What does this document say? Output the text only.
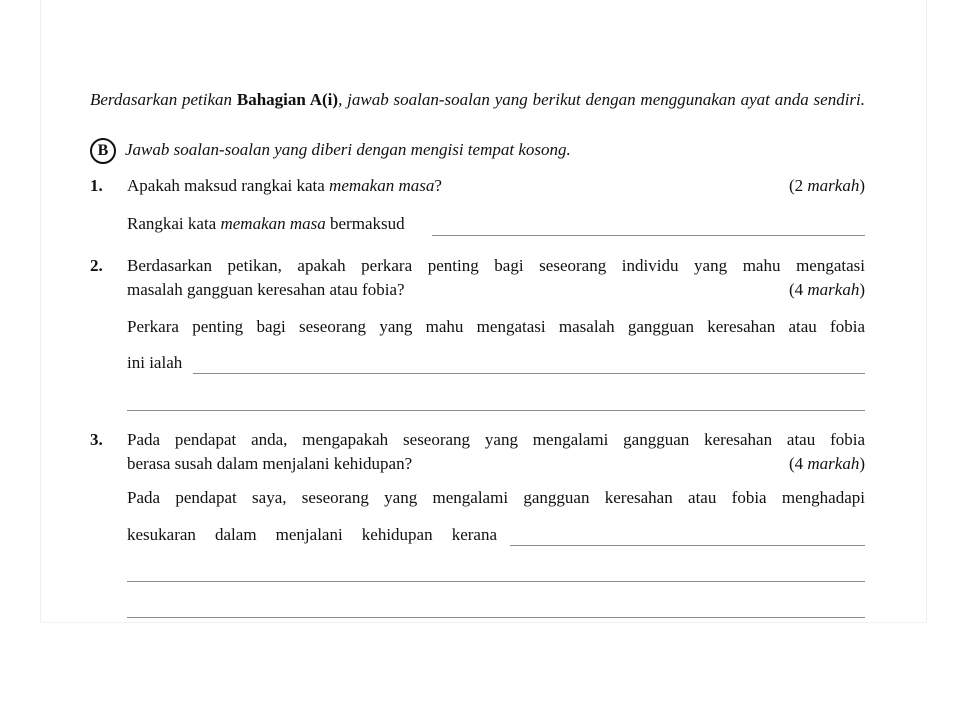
Berdasarkan petikan Bahagian A(i), jawab soalan-soalan yang berikut dengan menggunakan ayat anda sendiri.
B Jawab soalan-soalan yang diberi dengan mengisi tempat kosong.
1. Apakah maksud rangkai kata memakan masa?	(2 markah)
Rangkai kata memakan masa bermaksud
2. Berdasarkan petikan, apakah perkara penting bagi seseorang individu yang mahu mengatasi
masalah gangguan keresahan atau fobia?	(4 markah)
Perkara penting bagi seseorang yang mahu mengatasi masalah gangguan keresahan atau fobia
ini ialah
3. Pada pendapat anda, mengapakah seseorang yang mengalami gangguan keresahan atau fobia
berasa susah dalam menjalani kehidupan?	(4 markah)
Pada pendapat saya, seseorang yang mengalami gangguan keresahan atau fobia menghadapi
kesukaran dalam menjalani kehidupan kerana
